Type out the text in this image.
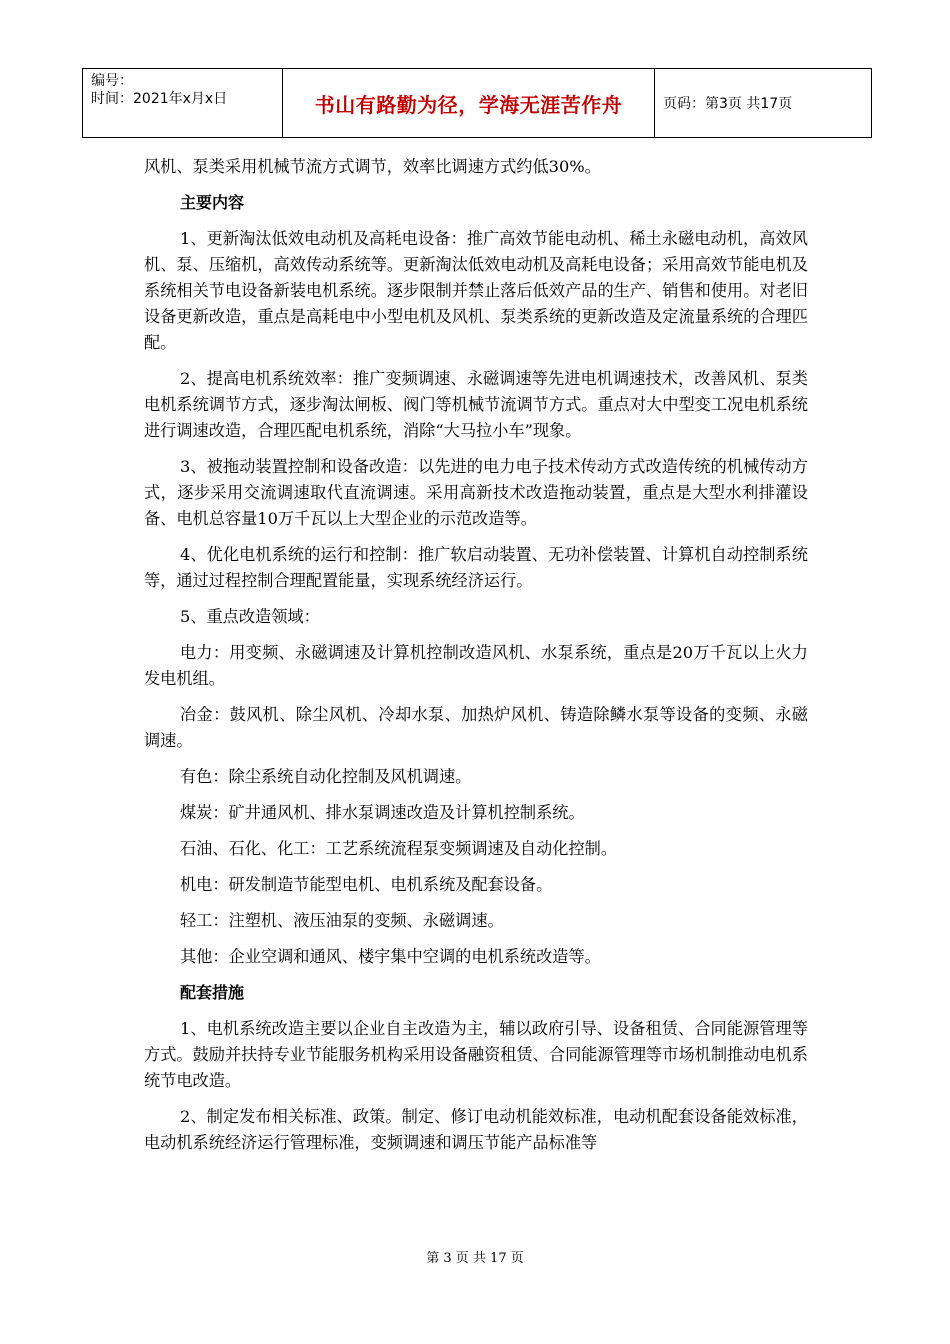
编号：
时间：2021年x月x日	书山有路勤为径，学海无涯苦作舟	页码：第3页 共17页

风机、泵类采用机械节流方式调节，效率比调速方式约低30%。

主要内容

1、更新淘汰低效电动机及高耗电设备：推广高效节能电动机、稀土永磁电动机，高效风机、泵、压缩机，高效传动系统等。更新淘汰低效电动机及高耗电设备；采用高效节能电机及系统相关节电设备新装电机系统。逐步限制并禁止落后低效产品的生产、销售和使用。对老旧设备更新改造，重点是高耗电中小型电机及风机、泵类系统的更新改造及定流量系统的合理匹配。

2、提高电机系统效率：推广变频调速、永磁调速等先进电机调速技术，改善风机、泵类电机系统调节方式，逐步淘汰闸板、阀门等机械节流调节方式。重点对大中型变工况电机系统进行调速改造，合理匹配电机系统，消除“大马拉小车”现象。

3、被拖动装置控制和设备改造：以先进的电力电子技术传动方式改造传统的机械传动方式，逐步采用交流调速取代直流调速。采用高新技术改造拖动装置，重点是大型水利排灌设备、电机总容量10万千瓦以上大型企业的示范改造等。

4、优化电机系统的运行和控制：推广软启动装置、无功补偿装置、计算机自动控制系统等，通过过程控制合理配置能量，实现系统经济运行。

5、重点改造领域：

电力：用变频、永磁调速及计算机控制改造风机、水泵系统，重点是20万千瓦以上火力发电机组。

冶金：鼓风机、除尘风机、冷却水泵、加热炉风机、铸造除鳞水泵等设备的变频、永磁调速。

有色：除尘系统自动化控制及风机调速。

煤炭：矿井通风机、排水泵调速改造及计算机控制系统。

石油、石化、化工：工艺系统流程泵变频调速及自动化控制。

机电：研发制造节能型电机、电机系统及配套设备。

轻工：注塑机、液压油泵的变频、永磁调速。

其他：企业空调和通风、楼宇集中空调的电机系统改造等。

配套措施

1、电机系统改造主要以企业自主改造为主，辅以政府引导、设备租赁、合同能源管理等方式。鼓励并扶持专业节能服务机构采用设备融资租赁、合同能源管理等市场机制推动电机系统节电改造。

2、制定发布相关标准、政策。制定、修订电动机能效标准，电动机配套设备能效标准，电动机系统经济运行管理标准，变频调速和调压节能产品标准等

第 3 页 共 17 页
